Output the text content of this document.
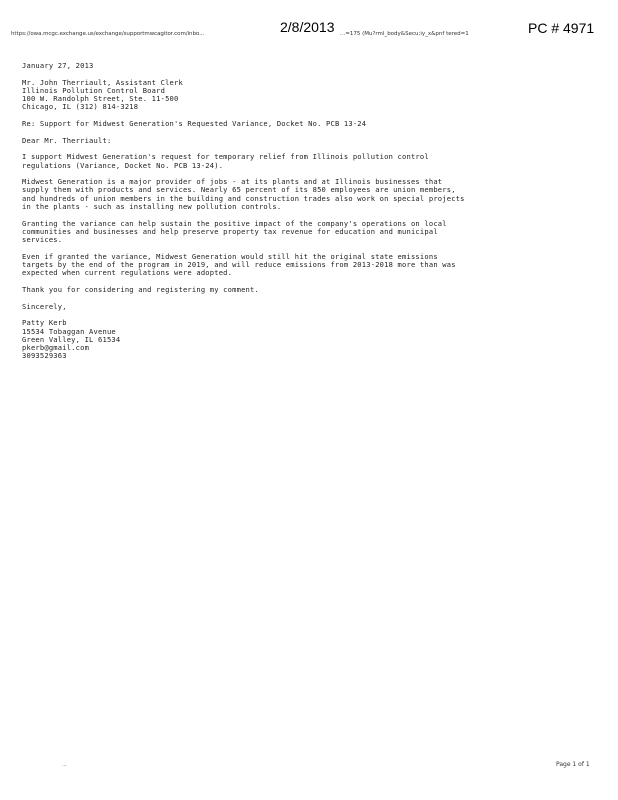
https://owa.mcgc.exchange.us/exchange/supportmwcagitor.com/inbo...	2/8/2013 ...=175 (Mu?rml_body&Secu;iy_x&pnf tered=1	PC # 4971
January 27, 2013
Mr. John Therriault, Assistant Clerk
Illinois Pollution Control Board
100 W. Randolph Street, Ste. 11-500
Chicago, IL (312) 814-3218
Re: Support for Midwest Generation's Requested Variance, Docket No. PCB 13-24
Dear Mr. Therriault:
I support Midwest Generation's request for temporary relief from Illinois pollution control
regulations (Variance, Docket No. PCB 13-24).
Midwest Generation is a major provider of jobs - at its plants and at Illinois businesses that
supply them with products and services. Nearly 65 percent of its 850 employees are union members,
and hundreds of union members in the building and construction trades also work on special projects
in the plants - such as installing new pollution controls.
Granting the variance can help sustain the positive impact of the company's operations on local
communities and businesses and help preserve property tax revenue for education and municipal
services.
Even if granted the variance, Midwest Generation would still hit the original state emissions
targets by the end of the program in 2019, and will reduce emissions from 2013-2018 more than was
expected when current regulations were adopted.
Thank you for considering and registering my comment.
Sincerely,
Patty Kerb
15534 Tobaggan Avenue
Green Valley, IL 61534
pkerb@gmail.com
3093529363
...	Page 1 of 1
